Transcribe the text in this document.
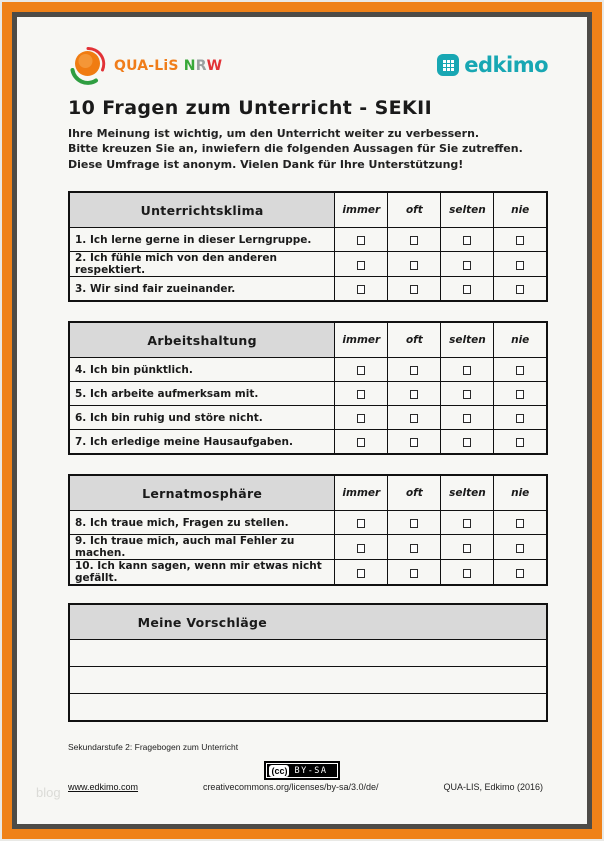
QUA-LiS NRW	edkimo
10 Fragen zum Unterricht - SEKII
Ihre Meinung ist wichtig, um den Unterricht weiter zu verbessern.
Bitte kreuzen Sie an, inwiefern die folgenden Aussagen für Sie zutreffen.
Diese Umfrage ist anonym. Vielen Dank für Ihre Unterstützung!
Unterrichtsklima	immer	oft	selten	nie
1. Ich lerne gerne in dieser Lerngruppe.				
2. Ich fühle mich von den anderen respektiert.				
3. Wir sind fair zueinander.				
Arbeitshaltung	immer	oft	selten	nie
4. Ich bin pünktlich.				
5. Ich arbeite aufmerksam mit.				
6. Ich bin ruhig und störe nicht.				
7. Ich erledige meine Hausaufgaben.				
Lernatmosphäre	immer	oft	selten	nie
8. Ich traue mich, Fragen zu stellen.				
9. Ich traue mich, auch mal Fehler zu machen.				
10. Ich kann sagen, wenn mir etwas nicht gefällt.				
Meine Vorschläge
Sekundarstufe 2: Fragebogen zum Unterricht
(cc) BY-SA
www.edkimo.com	creativecommons.org/licenses/by-sa/3.0/de/	QUA-LIS, Edkimo (2016)
blog
